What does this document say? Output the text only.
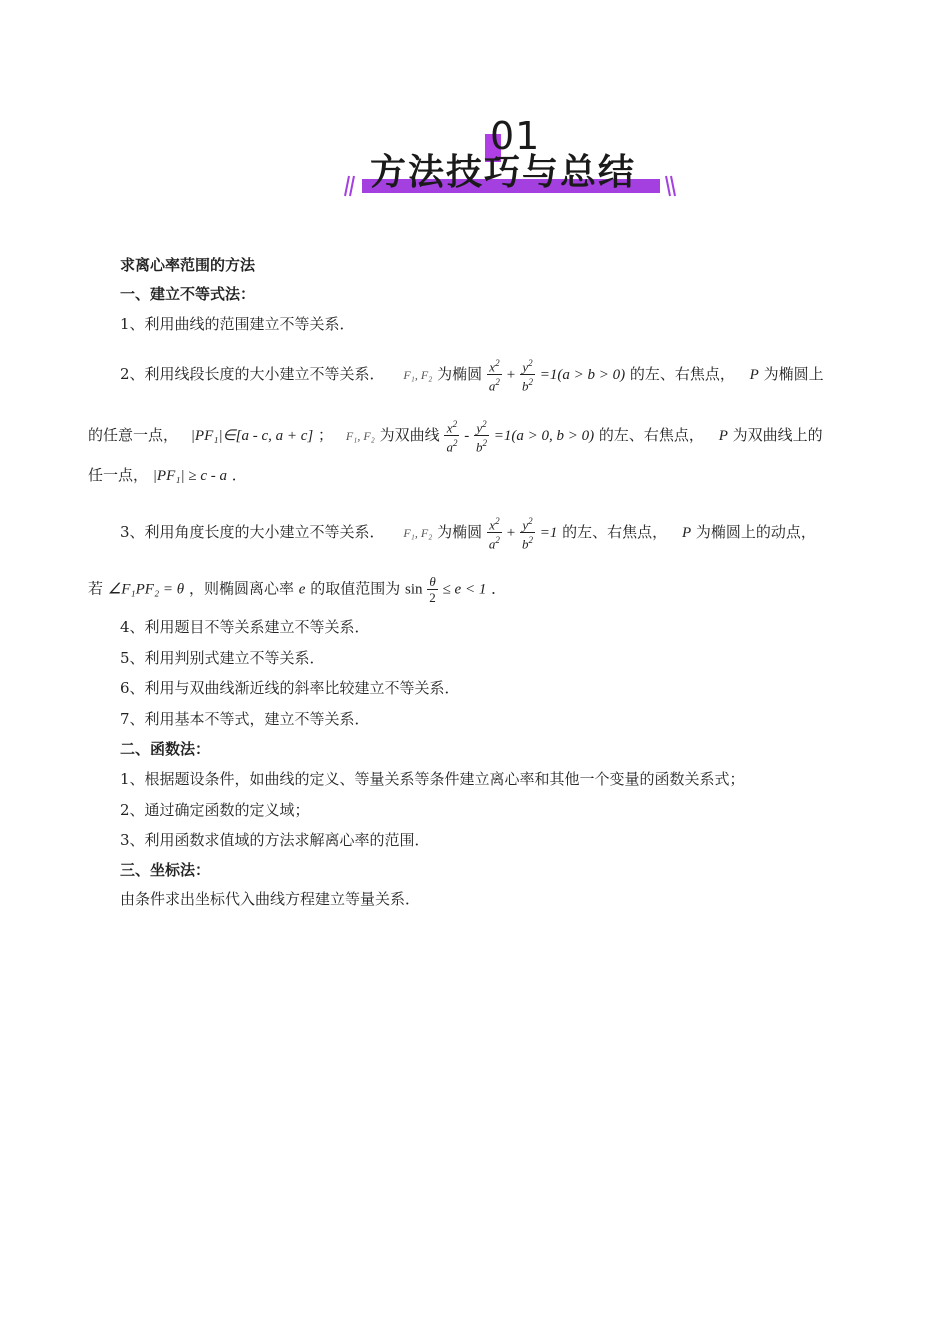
01
方法技巧与总结
求离心率范围的方法
一、建立不等式法：
1、利用曲线的范围建立不等关系．
2、利用线段长度的大小建立不等关系． F₁, F₂ 为椭圆 $\frac{x^2}{a^2} + \frac{y^2}{b^2} =1(a > b > 0)$ 的左、右焦点， P 为椭圆上
的任意一点， |PF₁|∈[a - c, a + c] ； F₁, F₂ 为双曲线 $\frac{x^2}{a^2} - \frac{y^2}{b^2} =1(a > 0$, b > 0) 的左、右焦点， P 为双曲线上的
任一点， |PF₁| ≥ c - a ．
3、利用角度长度的大小建立不等关系． F₁, F₂ 为椭圆 $\frac{x^2}{a^2} + \frac{y^2}{b^2} =1$ 的左、右焦点， P 为椭圆上的动点，
若 ∠F₁PF₂ = θ ，则椭圆离心率 e 的取值范围为 $\sin \frac{\theta}{2} \le e < 1$ ．
4、利用题目不等关系建立不等关系．
5、利用判别式建立不等关系．
6、利用与双曲线渐近线的斜率比较建立不等关系．
7、利用基本不等式，建立不等关系．
二、函数法：
1、根据题设条件，如曲线的定义、等量关系等条件建立离心率和其他一个变量的函数关系式；
2、通过确定函数的定义域；
3、利用函数求值域的方法求解离心率的范围．
三、坐标法：
由条件求出坐标代入曲线方程建立等量关系．
